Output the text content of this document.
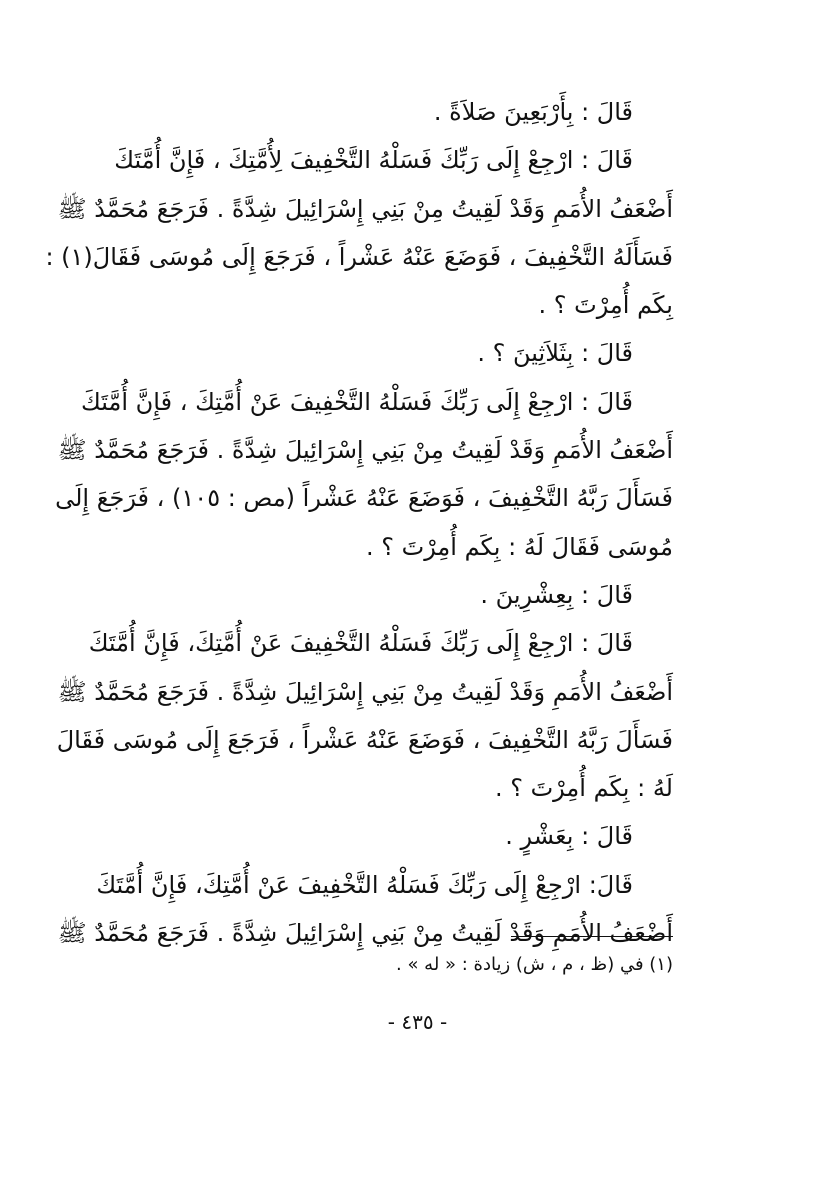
قَالَ : بِأَرْبَعِينَ صَلاَةً .
قَالَ : ارْجِعْ إِلَى رَبِّكَ فَسَلْهُ التَّخْفِيفَ لِأُمَّتِكَ ، فَإِنَّ أُمَّتَكَ
أَضْعَفُ الأُمَمِ وَقَدْ لَقِيتُ مِنْ بَنِي إِسْرَائِيلَ شِدَّةً . فَرَجَعَ مُحَمَّدٌ ﷺ
فَسَأَلَهُ التَّخْفِيفَ ، فَوَضَعَ عَنْهُ عَشْراً ، فَرَجَعَ إِلَى مُوسَى فَقَالَ(١) :
بِكَم أُمِرْتَ ؟ .
قَالَ : بِثَلاَثِينَ ؟ .
قَالَ : ارْجِعْ إِلَى رَبِّكَ فَسَلْهُ التَّخْفِيفَ عَنْ أُمَّتِكَ ، فَإِنَّ أُمَّتَكَ
أَضْعَفُ الأُمَمِ وَقَدْ لَقِيتُ مِنْ بَنِي إِسْرَائِيلَ شِدَّةً . فَرَجَعَ مُحَمَّدٌ ﷺ
فَسَأَلَ رَبَّهُ التَّخْفِيفَ ، فَوَضَعَ عَنْهُ عَشْراً (مص : ١٠٥) ، فَرَجَعَ إِلَى
مُوسَى فَقَالَ لَهُ : بِكَم أُمِرْتَ ؟ .
قَالَ : بِعِشْرِينَ .
قَالَ : ارْجِعْ إِلَى رَبِّكَ فَسَلْهُ التَّخْفِيفَ عَنْ أُمَّتِكَ، فَإِنَّ أُمَّتَكَ
أَضْعَفُ الأُمَمِ وَقَدْ لَقِيتُ مِنْ بَنِي إِسْرَائِيلَ شِدَّةً . فَرَجَعَ مُحَمَّدٌ ﷺ
فَسَأَلَ رَبَّهُ التَّخْفِيفَ ، فَوَضَعَ عَنْهُ عَشْراً ، فَرَجَعَ إِلَى مُوسَى فَقَالَ
لَهُ : بِكَم أُمِرْتَ ؟ .
قَالَ : بِعَشْرٍ .
قَالَ: ارْجِعْ إِلَى رَبِّكَ فَسَلْهُ التَّخْفِيفَ عَنْ أُمَّتِكَ، فَإِنَّ أُمَّتَكَ
أَضْعَفُ الأُمَمِ وَقَدْ لَقِيتُ مِنْ بَنِي إِسْرَائِيلَ شِدَّةً . فَرَجَعَ مُحَمَّدٌ ﷺ
(١) في (ظ ، م ، ش) زيادة : « له » .
- ٤٣٥ -
